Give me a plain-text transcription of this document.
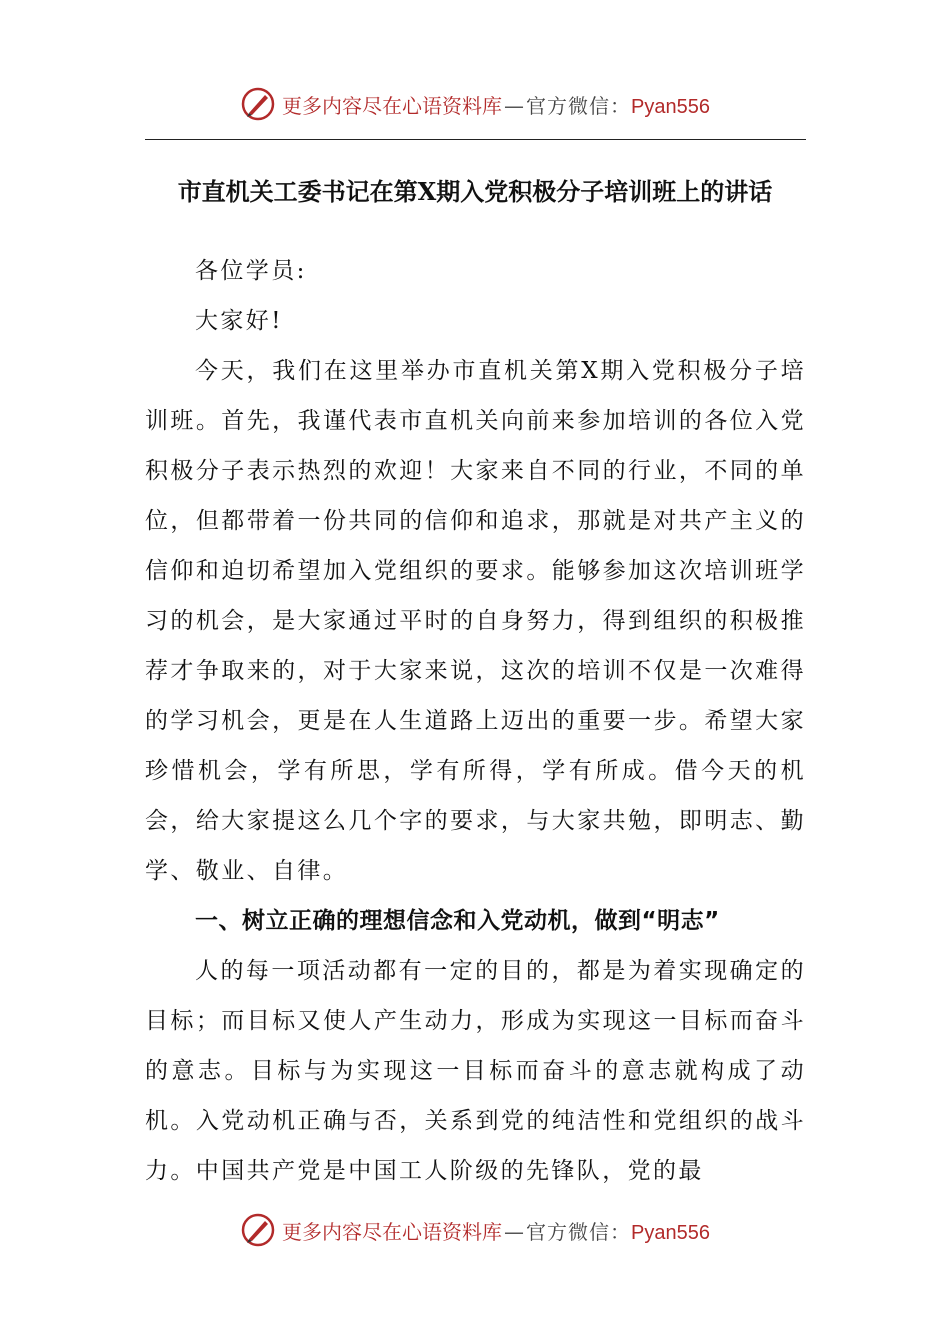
更多内容尽在心语资料库 — 官方微信： Pyan556
市直机关工委书记在第X期入党积极分子培训班上的讲话

各位学员:

大家好!

今天，我们在这里举办市直机关第X期入党积极分子培训班。首先，我谨代表市直机关向前来参加培训的各位入党积极分子表示热烈的欢迎！大家来自不同的行业，不同的单位，但都带着一份共同的信仰和追求，那就是对共产主义的信仰和迫切希望加入党组织的要求。能够参加这次培训班学习的机会，是大家通过平时的自身努力，得到组织的积极推荐才争取来的，对于大家来说，这次的培训不仅是一次难得的学习机会，更是在人生道路上迈出的重要一步。希望大家珍惜机会，学有所思，学有所得，学有所成。借今天的机会，给大家提这么几个字的要求，与大家共勉，即明志、勤学、敬业、自律。

一、树立正确的理想信念和入党动机，做到“明志”

人的每一项活动都有一定的目的，都是为着实现确定的目标；而目标又使人产生动力，形成为实现这一目标而奋斗的意志。目标与为实现这一目标而奋斗的意志就构成了动机。入党动机正确与否，关系到党的纯洁性和党组织的战斗力。中国共产党是中国工人阶级的先锋队，党的最

更多内容尽在心语资料库 — 官方微信： Pyan556
